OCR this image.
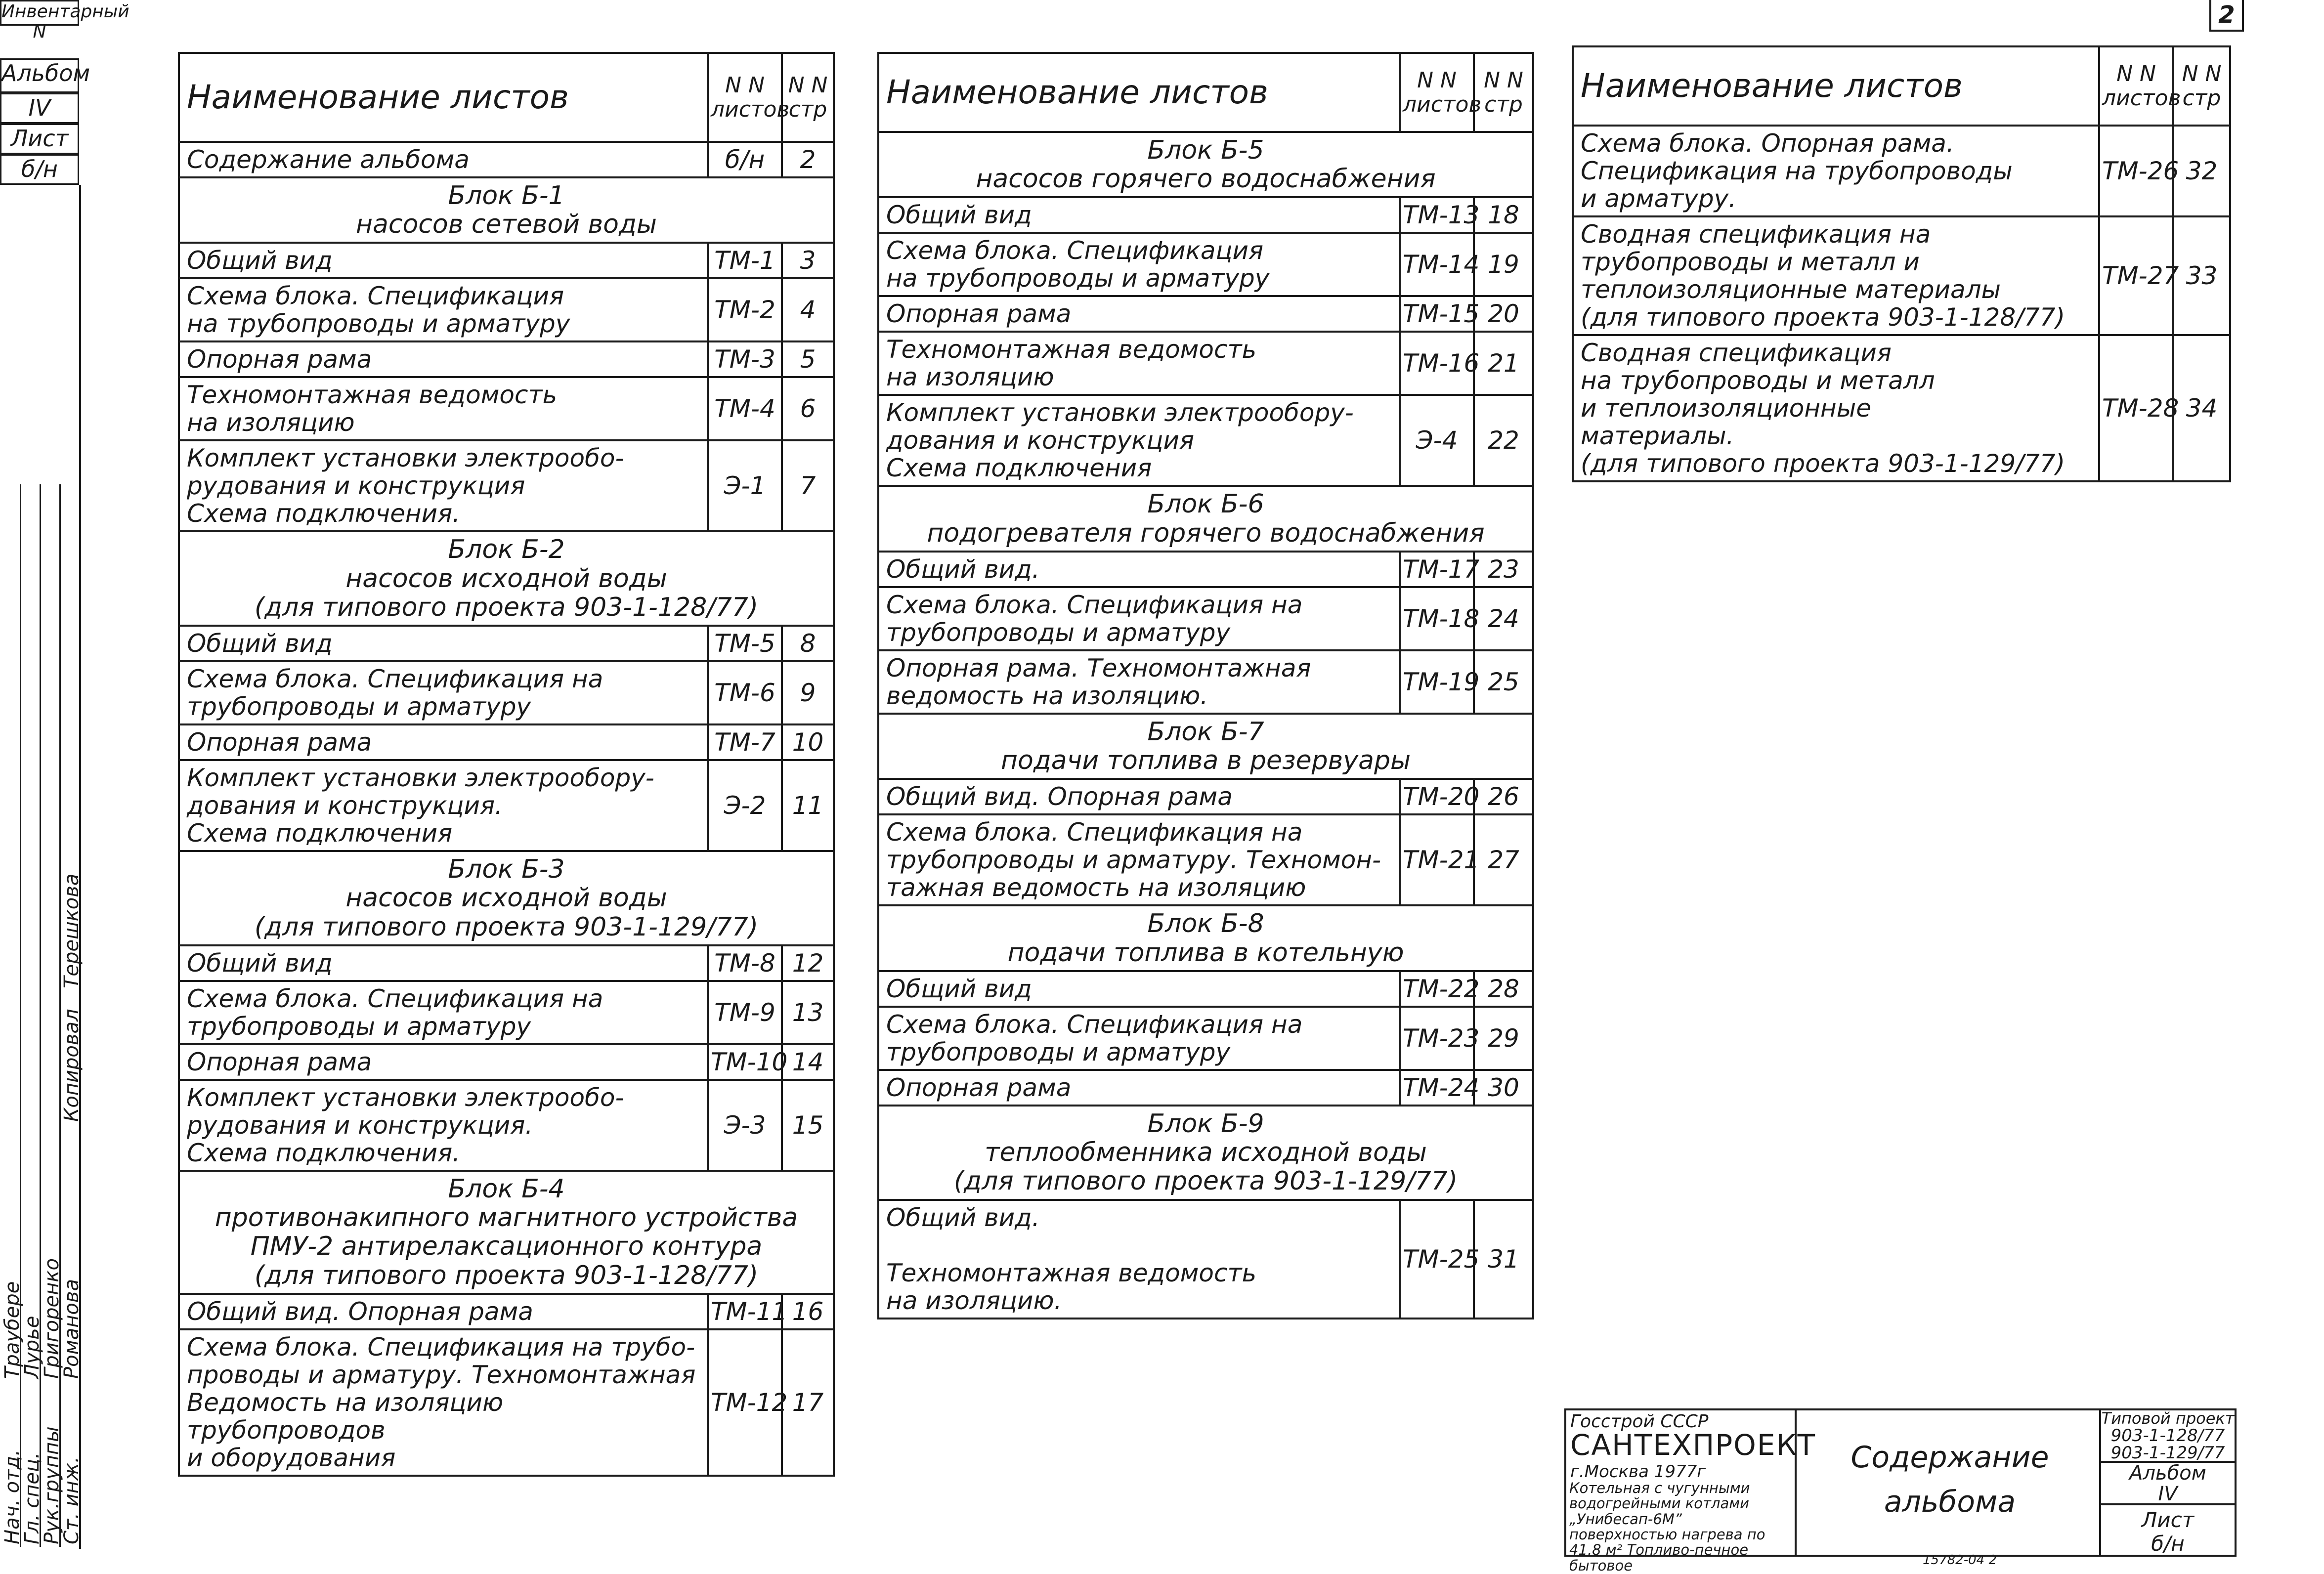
2
Инвентарный N
Альбом
IV
Лист
б/н
Нач. отд.
Гл. спец.
Рук.группы
Ст. инж.
Траубере
Лурье
Григоренко
Романова
Копировал
Терешкова
Наименование листов	N N листов	N N стр
Содержание альбома	б/н	2

Блок Б-1
насосов сетевой воды		

Общий вид	ТМ-1	3
Схема блока. Спецификация
на трубопроводы и арматуру	ТМ-2	4
Опорная рама	ТМ-3	5
Техномонтажная ведомость
на изоляцию	ТМ-4	6
Комплект установки электрообо-
рудования и конструкция
Схема подключения.	Э-1	7

Блок Б-2
насосов исходной воды
(для типового проекта 903-1-128/77)		

Общий вид	ТМ-5	8
Схема блока. Спецификация на
трубопроводы и арматуру	ТМ-6	9
Опорная рама	ТМ-7	10
Комплект установки электрообору-
дования и конструкция.
Схема подключения	Э-2	11

Блок Б-3
насосов исходной воды
(для типового проекта 903-1-129/77)		

Общий вид	ТМ-8	12
Схема блока. Спецификация на
трубопроводы и арматуру	ТМ-9	13
Опорная рама	ТМ-10	14
Комплект установки электрообо-
рудования и конструкция.
Схема подключения.	Э-3	15

Блок Б-4
противонакипного магнитного устройства
ПМУ-2 антирелаксационного контура
(для типового проекта 903-1-128/77)		

Общий вид. Опорная рама	ТМ-11	16
Схема блока. Спецификация на трубо-
проводы и арматуру. Техномонтажная
Ведомость на изоляцию трубопроводов
и оборудования	ТМ-12	17
Наименование листов	N N листов	N N стр

Блок Б-5
насосов горячего водоснабжения		

Общий вид	ТМ-13	18
Схема блока. Спецификация
на трубопроводы и арматуру	ТМ-14	19
Опорная рама	ТМ-15	20
Техномонтажная ведомость
на изоляцию	ТМ-16	21
Комплект установки электрообору-
дования и конструкция
Схема подключения	Э-4	22

Блок Б-6
подогревателя горячего водоснабжения		

Общий вид.	ТМ-17	23
Схема блока. Спецификация на
трубопроводы и арматуру	ТМ-18	24
Опорная рама. Техномонтажная
ведомость на изоляцию.	ТМ-19	25

Блок Б-7
подачи топлива в резервуары		

Общий вид. Опорная рама	ТМ-20	26
Схема блока. Спецификация на
трубопроводы и арматуру. Техномон-
тажная ведомость на изоляцию	ТМ-21	27

Блок Б-8
подачи топлива в котельную		

Общий вид	ТМ-22	28
Схема блока. Спецификация на
трубопроводы и арматуру	ТМ-23	29
Опорная рама	ТМ-24	30

Блок Б-9
теплообменника исходной воды
(для типового проекта 903-1-129/77)		

Общий вид.

Техномонтажная ведомость
на изоляцию.	ТМ-25	31
Наименование листов	N N листов	N N стр
Схема блока. Опорная рама.
Спецификация на трубопроводы
и арматуру.	ТМ-26	32
Сводная спецификация на
трубопроводы и металл и
теплоизоляционные материалы
(для типового проекта 903-1-128/77)	ТМ-27	33
Сводная спецификация
на трубопроводы и металл
и теплоизоляционные
материалы.
(для типового проекта 903-1-129/77)	ТМ-28	34
Госстрой СССР
САНТЕХПРОЕКТ
г.Москва 1977г
Котельная с чугунными водогрейными котлами „Унибесап-6М” поверхностью нагрева по 41,8 м² Топливо-печное бытовое
Содержание
альбома
Типовой проект
903-1-128/77
903-1-129/77
Альбом
IV
Лист
б/н
15782-04 2
